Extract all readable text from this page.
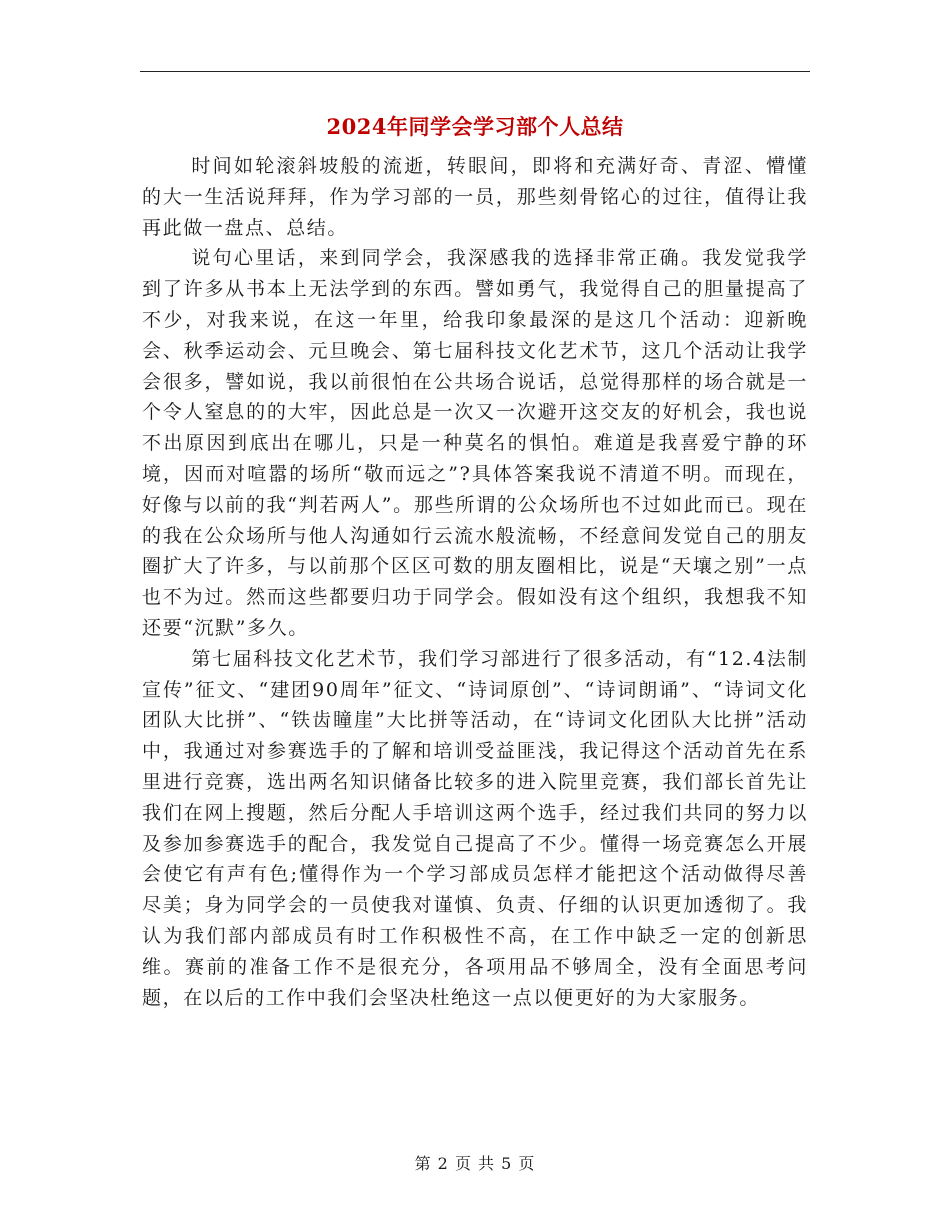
2024年同学会学习部个人总结

时间如轮滚斜坡般的流逝，转眼间，即将和充满好奇、青涩、懵懂的大一生活说拜拜，作为学习部的一员，那些刻骨铭心的过往，值得让我再此做一盘点、总结。

说句心里话，来到同学会，我深感我的选择非常正确。我发觉我学到了许多从书本上无法学到的东西。譬如勇气，我觉得自己的胆量提高了不少，对我来说，在这一年里，给我印象最深的是这几个活动：迎新晚会、秋季运动会、元旦晚会、第七届科技文化艺术节，这几个活动让我学会很多，譬如说，我以前很怕在公共场合说话，总觉得那样的场合就是一个令人窒息的的大牢，因此总是一次又一次避开这交友的好机会，我也说不出原因到底出在哪儿，只是一种莫名的惧怕。难道是我喜爱宁静的环境，因而对喧嚣的场所“敬而远之”?具体答案我说不清道不明。而现在，好像与以前的我“判若两人”。那些所谓的公众场所也不过如此而已。现在的我在公众场所与他人沟通如行云流水般流畅，不经意间发觉自己的朋友圈扩大了许多，与以前那个区区可数的朋友圈相比，说是“天壤之别”一点也不为过。然而这些都要归功于同学会。假如没有这个组织，我想我不知还要“沉默”多久。

第七届科技文化艺术节，我们学习部进行了很多活动，有“12.4法制宣传”征文、“建团90周年”征文、“诗词原创”、“诗词朗诵”、“诗词文化团队大比拼”、“铁齿瞳崖”大比拼等活动，在“诗词文化团队大比拼”活动中，我通过对参赛选手的了解和培训受益匪浅，我记得这个活动首先在系里进行竞赛，选出两名知识储备比较多的进入院里竞赛，我们部长首先让我们在网上搜题，然后分配人手培训这两个选手，经过我们共同的努力以及参加参赛选手的配合，我发觉自己提高了不少。懂得一场竞赛怎么开展会使它有声有色;懂得作为一个学习部成员怎样才能把这个活动做得尽善尽美；身为同学会的一员使我对谨慎、负责、仔细的认识更加透彻了。我认为我们部内部成员有时工作积极性不高，在工作中缺乏一定的创新思维。赛前的准备工作不是很充分，各项用品不够周全，没有全面思考问题，在以后的工作中我们会坚决杜绝这一点以便更好的为大家服务。

第 2 页 共 5 页
